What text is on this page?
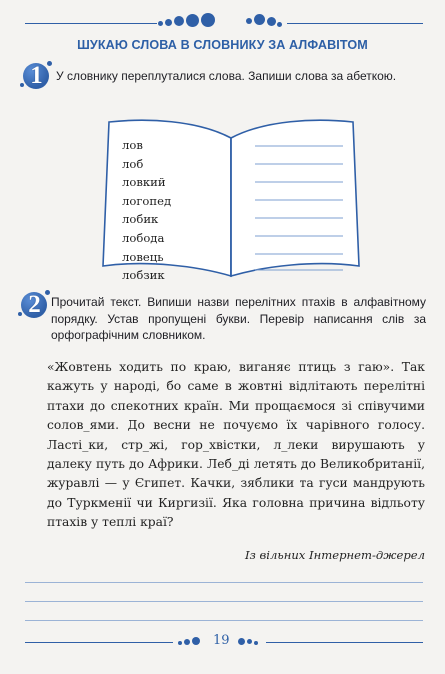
ШУКАЮ СЛОВА В СЛОВНИКУ ЗА АЛФАВІТОМ
1	У словнику переплуталися слова. Запиши слова за абеткою.
лов
лоб
ловкий
логопед
лобик
лобода
ловець
лобзик
2 Прочитай текст. Випиши назви перелітних птахів в алфавітному порядку. Устав пропущені букви. Перевір написання слів за орфографічним словником.
«Жовтень ходить по краю, виганяє птиць з гаю». Так кажуть у народі, бо саме в жовтні відлітають перелітні птахи до спекотних країн. Ми прощаємося зі співучими солов_ями. До весни не почуємо їх чарівного голосу. Ласті_ки, стр_жі, гор_хвістки, л_леки вирушають у далеку путь до Африки. Леб_ді летять до Великобританії, журавлі — у Єгипет. Качки, зяблики та гуси мандрують до Туркменії чи Киргизії. Яка головна причина відльоту птахів у теплі краї?
Із вільних Інтернет-джерел
19
